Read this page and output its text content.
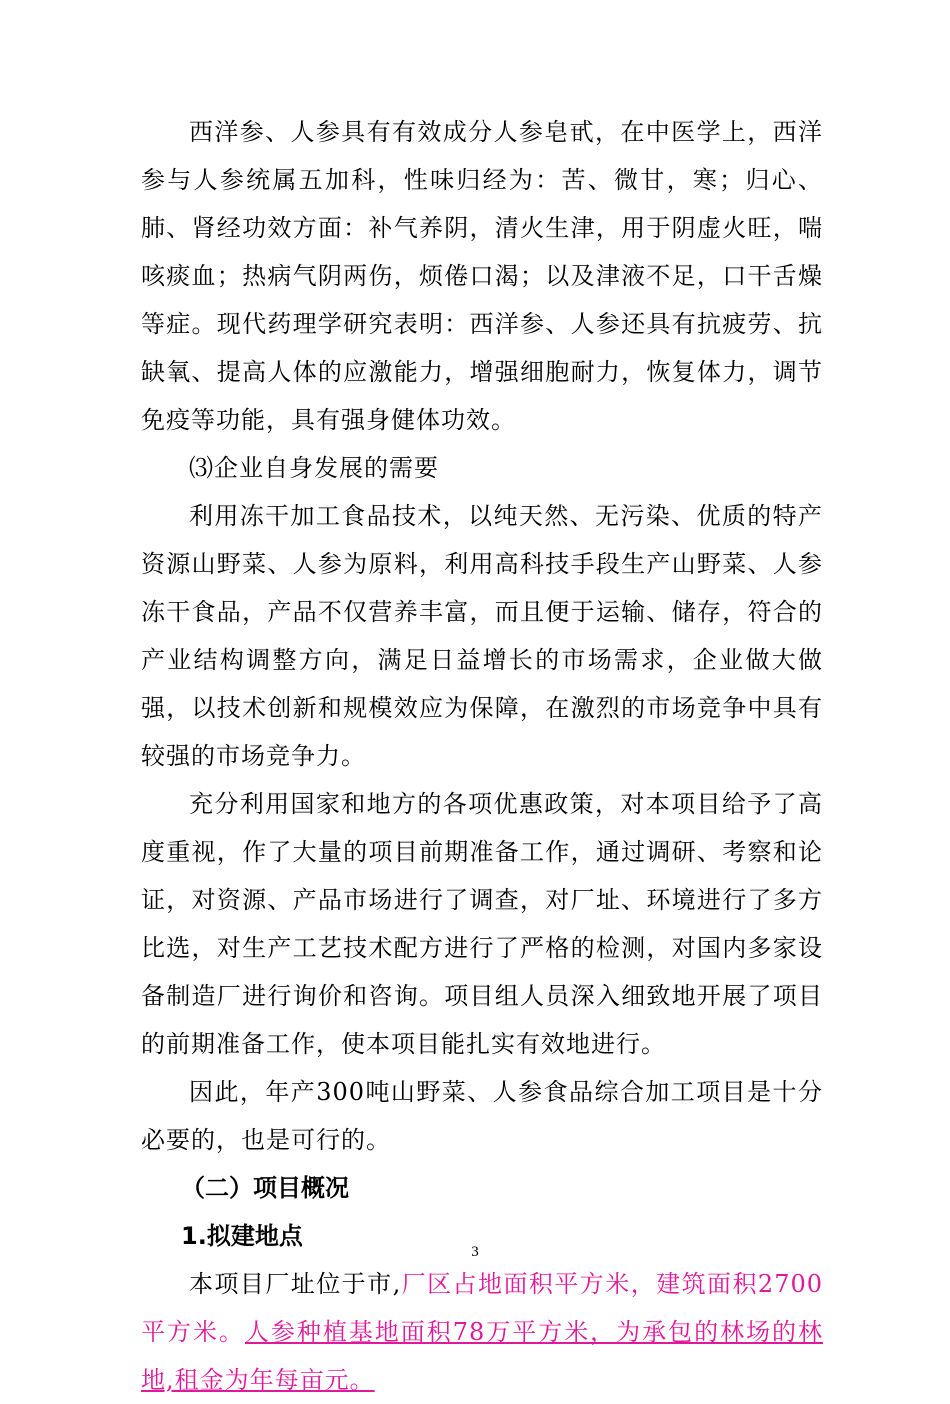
西洋参、人参具有有效成分人参皂甙，在中医学上，西洋参与人参统属五加科，性味归经为：苦、微甘，寒；归心、肺、肾经功效方面：补气养阴，清火生津，用于阴虚火旺，喘咳痰血；热病气阴两伤，烦倦口渴；以及津液不足，口干舌燥等症。现代药理学研究表明：西洋参、人参还具有抗疲劳、抗缺氧、提高人体的应激能力，增强细胞耐力，恢复体力，调节免疫等功能，具有强身健体功效。

⑶企业自身发展的需要

利用冻干加工食品技术，以纯天然、无污染、优质的特产资源山野菜、人参为原料，利用高科技手段生产山野菜、人参冻干食品，产品不仅营养丰富，而且便于运输、储存，符合的产业结构调整方向，满足日益增长的市场需求，企业做大做强，以技术创新和规模效应为保障，在激烈的市场竞争中具有较强的市场竞争力。

充分利用国家和地方的各项优惠政策，对本项目给予了高度重视，作了大量的项目前期准备工作，通过调研、考察和论证，对资源、产品市场进行了调查，对厂址、环境进行了多方比选，对生产工艺技术配方进行了严格的检测，对国内多家设备制造厂进行询价和咨询。项目组人员深入细致地开展了项目的前期准备工作，使本项目能扎实有效地进行。

因此，年产300吨山野菜、人参食品综合加工项目是十分必要的，也是可行的。

（二）项目概况

1.拟建地点

本项目厂址位于市,厂区占地面积平方米，建筑面积2700平方米。人参种植基地面积78万平方米，为承包的林场的林地,租金为年每亩元。

3
